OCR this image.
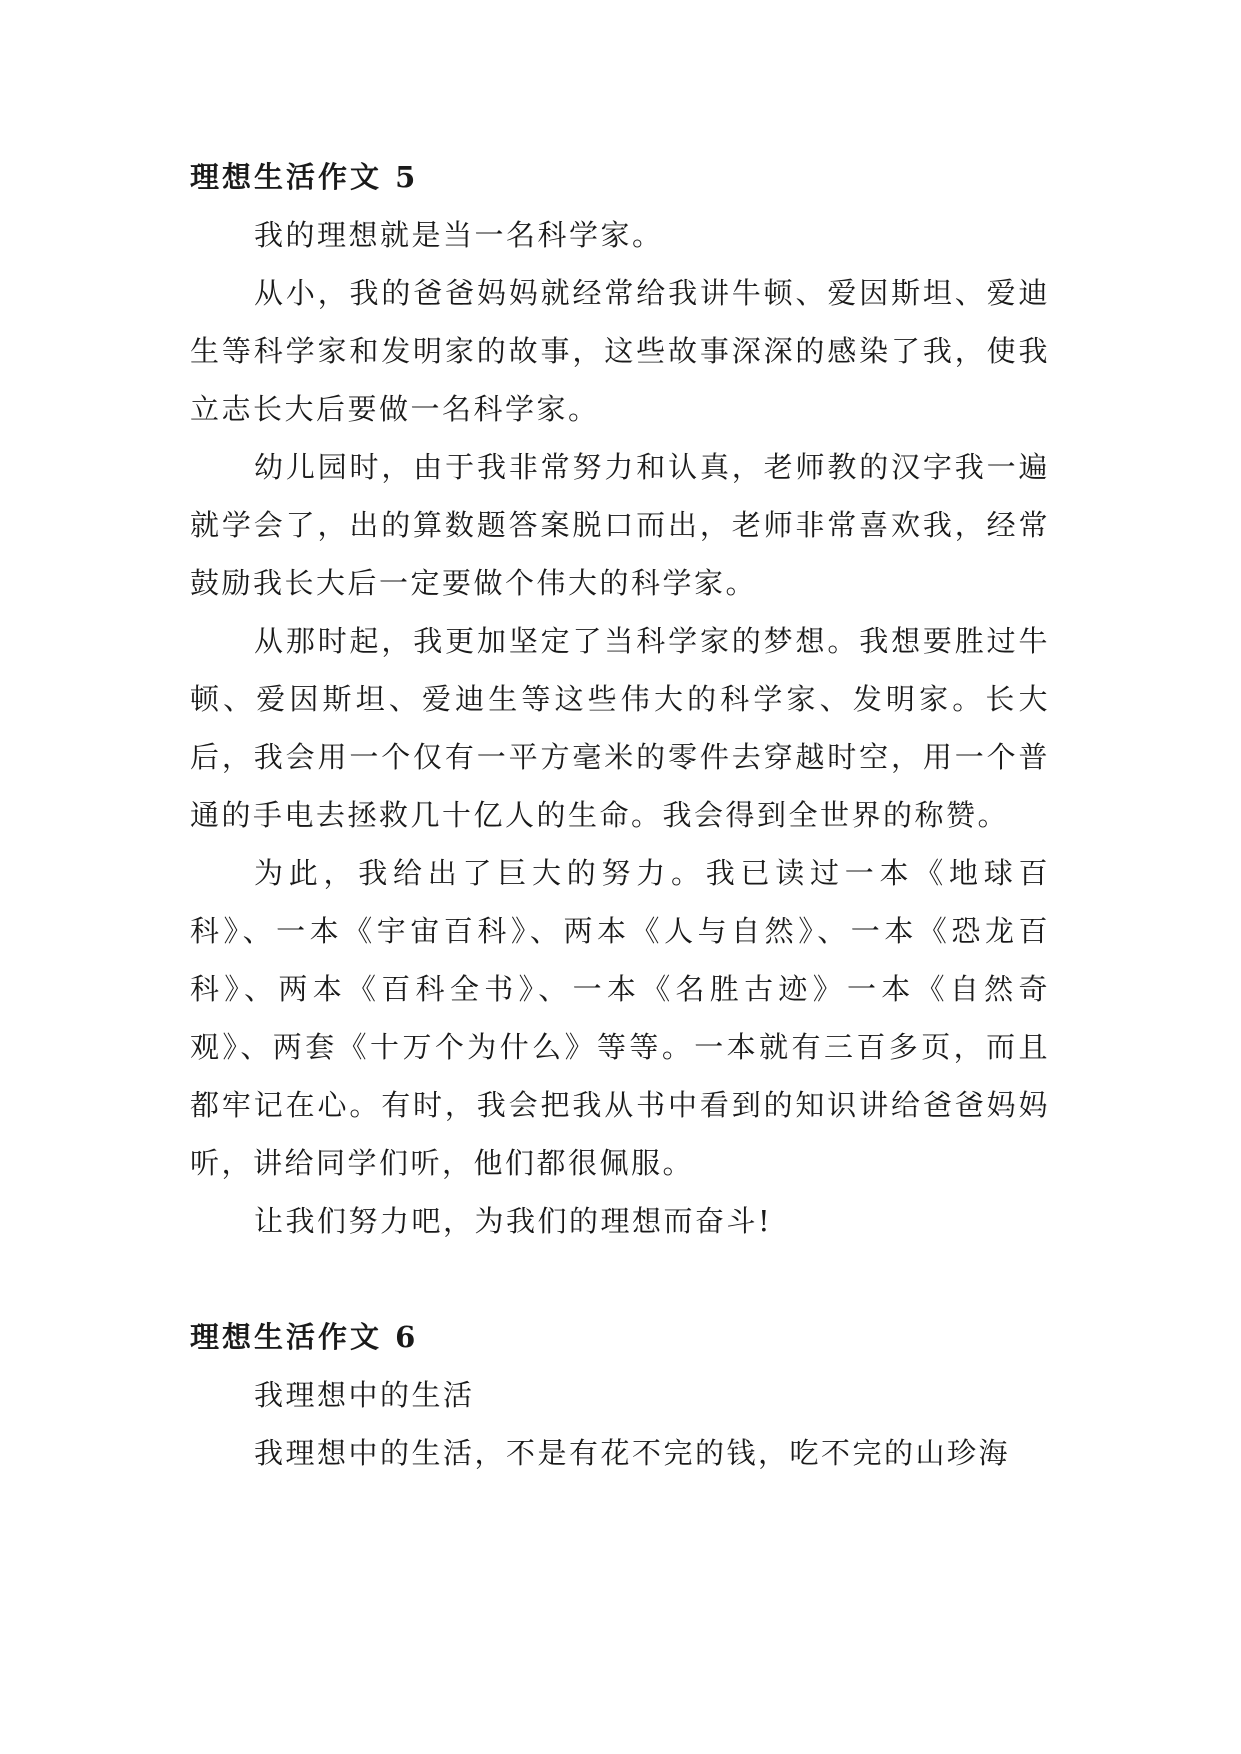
理想生活作文 5

我的理想就是当一名科学家。

从小，我的爸爸妈妈就经常给我讲牛顿、爱因斯坦、爱迪生等科学家和发明家的故事，这些故事深深的感染了我，使我立志长大后要做一名科学家。

幼儿园时，由于我非常努力和认真，老师教的汉字我一遍就学会了，出的算数题答案脱口而出，老师非常喜欢我，经常鼓励我长大后一定要做个伟大的科学家。

从那时起，我更加坚定了当科学家的梦想。我想要胜过牛顿、爱因斯坦、爱迪生等这些伟大的科学家、发明家。长大后，我会用一个仅有一平方毫米的零件去穿越时空，用一个普通的手电去拯救几十亿人的生命。我会得到全世界的称赞。

为此，我给出了巨大的努力。我已读过一本《地球百科》、一本《宇宙百科》、两本《人与自然》、一本《恐龙百科》、两本《百科全书》、一本《名胜古迹》一本《自然奇观》、两套《十万个为什么》等等。一本就有三百多页，而且都牢记在心。有时，我会把我从书中看到的知识讲给爸爸妈妈听，讲给同学们听，他们都很佩服。

让我们努力吧，为我们的理想而奋斗!

理想生活作文 6

我理想中的生活

我理想中的生活，不是有花不完的钱，吃不完的山珍海
